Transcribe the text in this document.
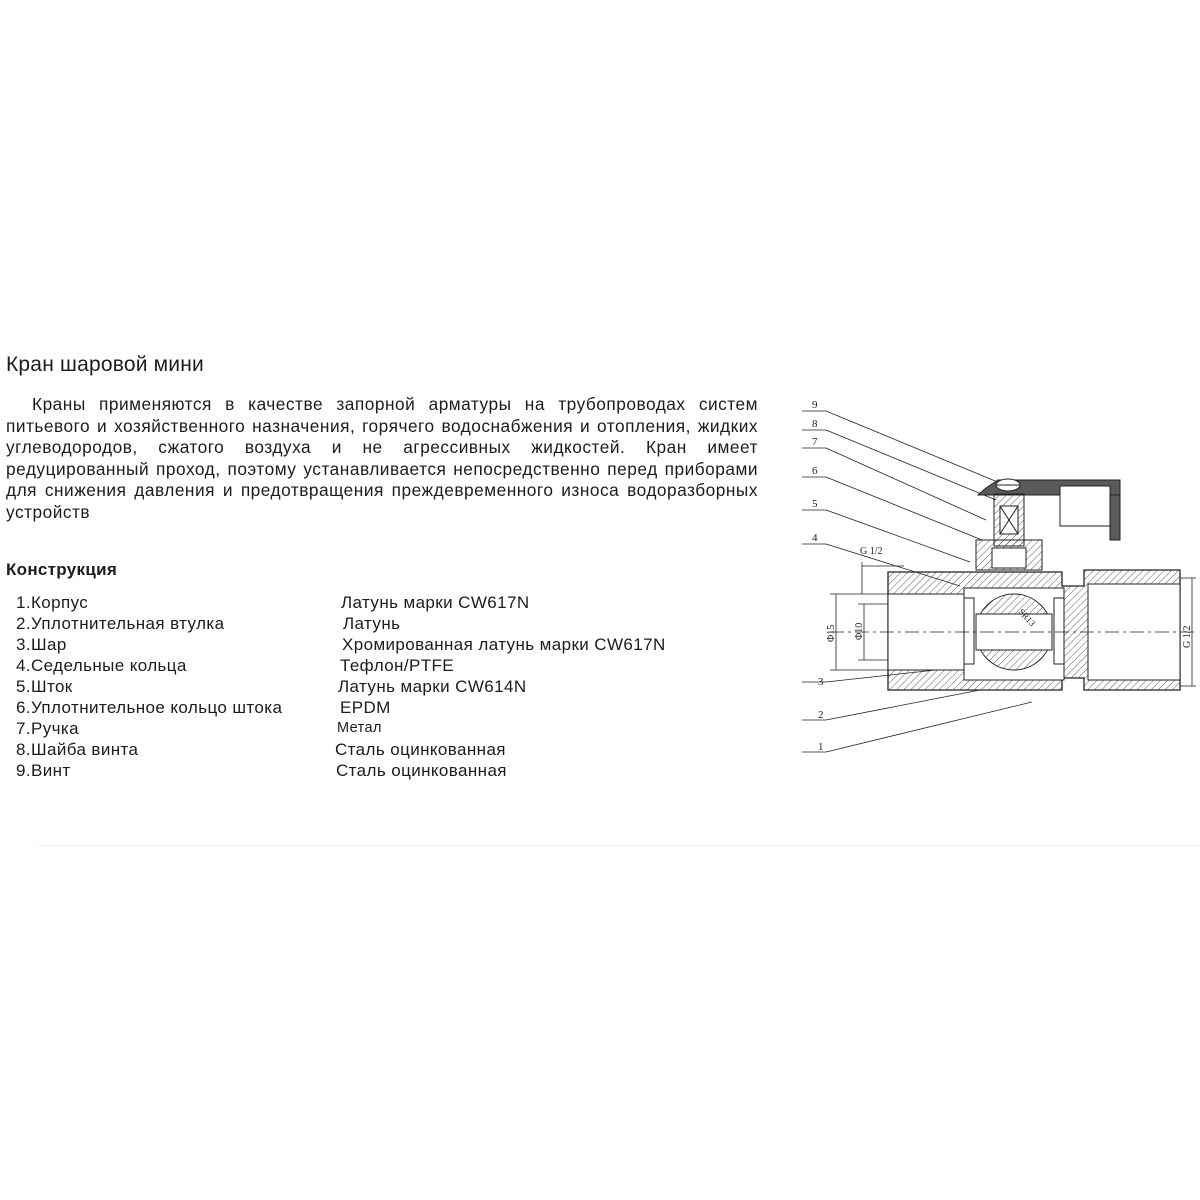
Кран шаровой мини

Краны применяются в качестве запорной арматуры на трубопроводах систем питьевого и хозяйственного назначения, горячего водоснабжения и отопления, жидких углеводородов, сжатого воздуха и не агрессивных жидкостей. Кран имеет редуцированный проход, поэтому устанавливается непосредственно перед приборами для снижения давления и предотвращения преждевременного износа водоразборных устройств

Конструкция
1.Корпус	Латунь марки CW617N
2.Уплотнительная втулка	Латунь
3.Шар	Хромированная латунь марки CW617N
4.Седельные кольца	Тефлон/PTFE
5.Шток	Латунь марки CW614N
6.Уплотнительное кольцо штока	EPDM
7.Ручка	Метал
8.Шайба винта	Сталь оцинкованная
9.Винт	Сталь оцинкованная
9
8
7
6
5
4
3
2
1
G 1/2
Φ15 Φ10	G 1/2
SR13
